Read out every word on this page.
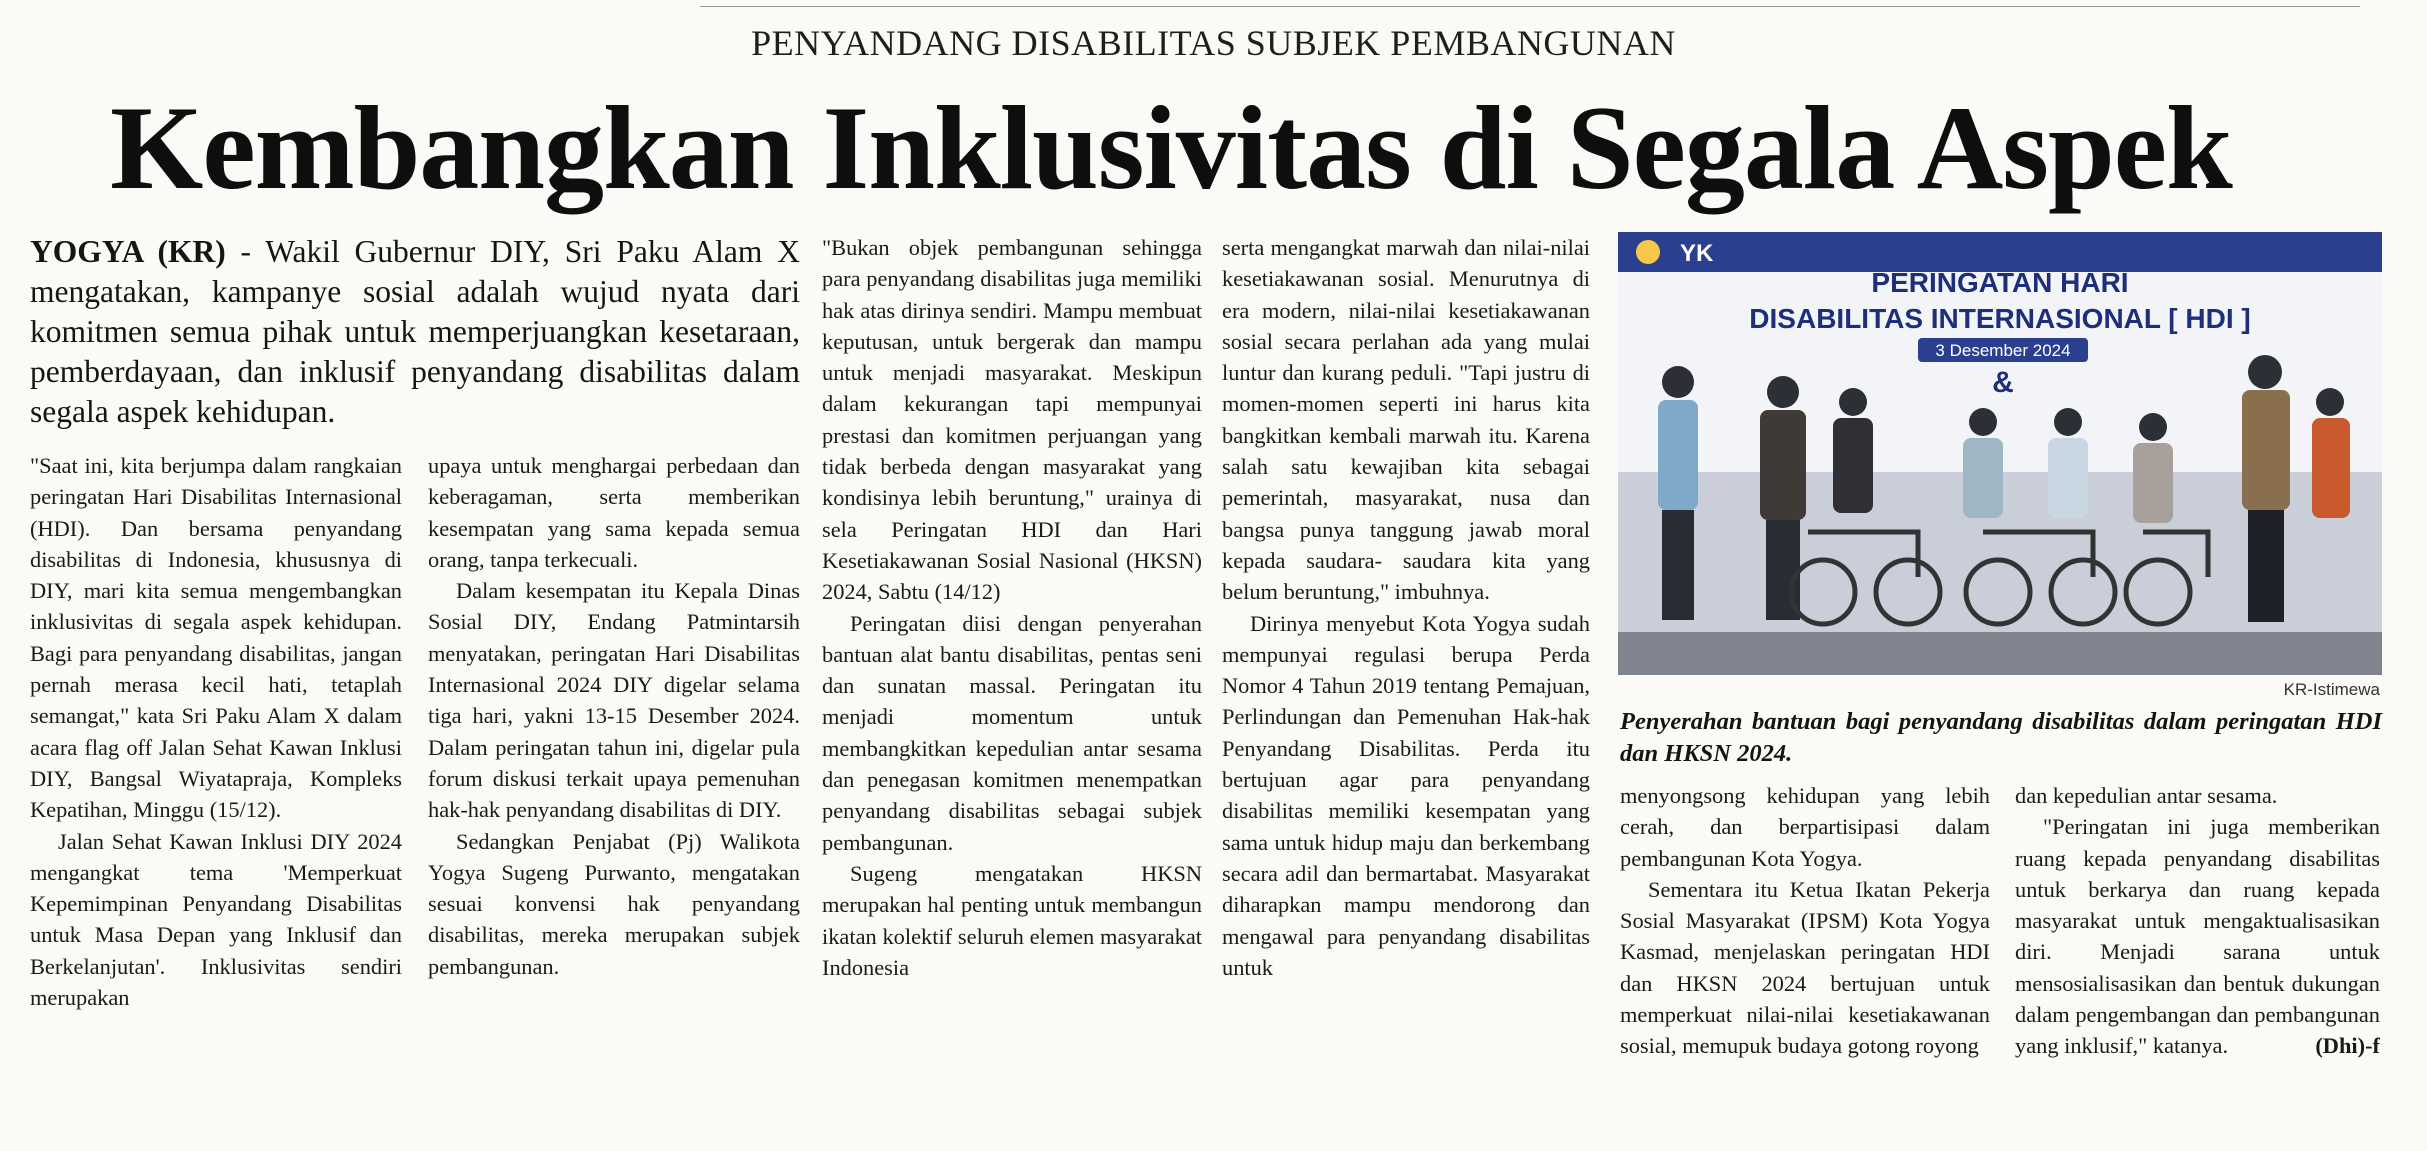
PENYANDANG DISABILITAS SUBJEK PEMBANGUNAN
Kembangkan Inklusivitas di Segala Aspek
YOGYA (KR) - Wakil Gubernur DIY, Sri Paku Alam X mengatakan, kampanye sosial adalah wujud nyata dari komitmen semua pihak untuk memperjuangkan kesetaraan, pemberdayaan, dan inklusif penyandang disabilitas dalam segala aspek kehidupan.

"Saat ini, kita berjumpa dalam rangkaian peringatan Hari Disabilitas Internasional (HDI). Dan bersama penyandang disabilitas di Indonesia, khususnya di DIY, mari kita semua mengembangkan inklusivitas di segala aspek kehidupan. Bagi para penyandang disabilitas, jangan pernah merasa kecil hati, tetaplah semangat," kata Sri Paku Alam X dalam acara flag off Jalan Sehat Kawan Inklusi DIY, Bangsal Wiyatapraja, Kompleks Kepatihan, Minggu (15/12).

Jalan Sehat Kawan Inklusi DIY 2024 mengangkat tema 'Memperkuat Kepemimpinan Penyandang Disabilitas untuk Masa Depan yang Inklusif dan Berkelanjutan'. Inklusivitas sendiri merupakan

upaya untuk menghargai perbedaan dan keberagaman, serta memberikan kesempatan yang sama kepada semua orang, tanpa terkecuali.

Dalam kesempatan itu Kepala Dinas Sosial DIY, Endang Patmintarsih menyatakan, peringatan Hari Disabilitas Internasional 2024 DIY digelar selama tiga hari, yakni 13-15 Desember 2024. Dalam peringatan tahun ini, digelar pula forum diskusi terkait upaya pemenuhan hak-hak penyandang disabilitas di DIY.

Sedangkan Penjabat (Pj) Walikota Yogya Sugeng Purwanto, mengatakan sesuai konvensi hak penyandang disabilitas, mereka merupakan subjek pembangunan.

"Bukan objek pembangunan sehingga para penyandang disabilitas juga memiliki hak atas dirinya sendiri. Mampu membuat keputusan, untuk bergerak dan mampu untuk menjadi masyarakat. Meskipun dalam kekurangan tapi mempunyai prestasi dan komitmen perjuangan yang tidak berbeda dengan masyarakat yang kondisinya lebih beruntung," urainya di sela Peringatan HDI dan Hari Kesetiakawanan Sosial Nasional (HKSN) 2024, Sabtu (14/12)

Peringatan diisi dengan penyerahan bantuan alat bantu disabilitas, pentas seni dan sunatan massal. Peringatan itu menjadi momentum untuk membangkitkan kepedulian antar sesama dan penegasan komitmen menempatkan penyandang disabilitas sebagai subjek pembangunan.

Sugeng mengatakan HKSN merupakan hal penting untuk membangun ikatan kolektif seluruh elemen masyarakat Indonesia

serta mengangkat marwah dan nilai-nilai kesetiakawanan sosial. Menurutnya di era modern, nilai-nilai kesetiakawanan sosial secara perlahan ada yang mulai luntur dan kurang peduli. "Tapi justru di momen-momen seperti ini harus kita bangkitkan kembali marwah itu. Karena salah satu kewajiban kita sebagai pemerintah, masyarakat, nusa dan bangsa punya tanggung jawab moral kepada saudara- saudara kita yang belum beruntung," imbuhnya.

Dirinya menyebut Kota Yogya sudah mempunyai regulasi berupa Perda Nomor 4 Tahun 2019 tentang Pemajuan, Perlindungan dan Pemenuhan Hak-hak Penyandang Disabilitas. Perda itu bertujuan agar para penyandang disabilitas memiliki kesempatan yang sama untuk hidup maju dan berkembang secara adil dan bermartabat. Masyarakat diharapkan mampu mendorong dan mengawal para penyandang disabilitas untuk

YK
PERINGATAN HARI
DISABILITAS INTERNASIONAL [ HDI ]
3 Desember 2024
&
KR-Istimewa
Penyerahan bantuan bagi penyandang disabilitas dalam peringatan HDI dan HKSN 2024.

menyongsong kehidupan yang lebih cerah, dan berpartisipasi dalam pembangunan Kota Yogya.

Sementara itu Ketua Ikatan Pekerja Sosial Masyarakat (IPSM) Kota Yogya Kasmad, menjelaskan peringatan HDI dan HKSN 2024 bertujuan untuk memperkuat nilai-nilai kesetiakawanan sosial, memupuk budaya gotong royong

dan kepedulian antar sesama.

"Peringatan ini juga memberikan ruang kepada penyandang disabilitas untuk berkarya dan ruang kepada masyarakat untuk mengaktualisasikan diri. Menjadi sarana untuk mensosialisasikan dan bentuk dukungan dalam pengembangan dan pembangunan yang inklusif," katanya.	(Dhi)-f
